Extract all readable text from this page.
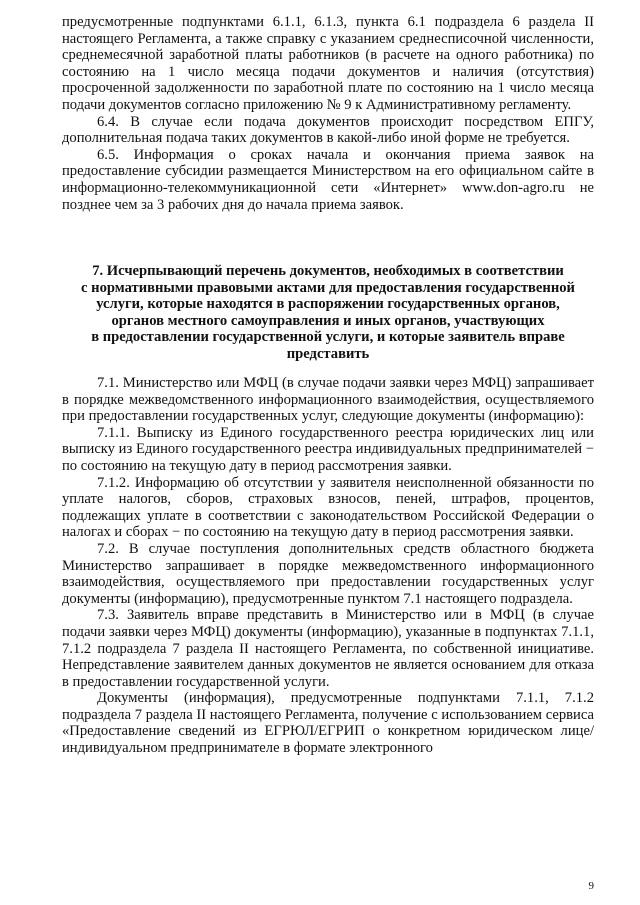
предусмотренные подпунктами 6.1.1, 6.1.3, пункта 6.1 подраздела 6 раздела II настоящего Регламента, а также справку с указанием среднесписочной численности, среднемесячной заработной платы работников (в расчете на одного работника) по состоянию на 1 число месяца подачи документов и наличия (отсутствия) просроченной задолженности по заработной плате по состоянию на 1 число месяца подачи документов согласно приложению № 9 к Административному регламенту.

6.4. В случае если подача документов происходит посредством ЕПГУ, дополнительная подача таких документов в какой-либо иной форме не требуется.

6.5. Информация о сроках начала и окончания приема заявок на предоставление субсидии размещается Министерством на его официальном сайте в информационно-телекоммуникационной сети «Интернет» www.don-agro.ru не позднее чем за 3 рабочих дня до начала приема заявок.

7. Исчерпывающий перечень документов, необходимых в соответствии
с нормативными правовыми актами для предоставления государственной
услуги, которые находятся в распоряжении государственных органов,
органов местного самоуправления и иных органов, участвующих
в предоставлении государственной услуги, и которые заявитель вправе
представить

7.1. Министерство или МФЦ (в случае подачи заявки через МФЦ) запрашивает в порядке межведомственного информационного взаимодействия, осуществляемого при предоставлении государственных услуг, следующие документы (информацию):

7.1.1. Выписку из Единого государственного реестра юридических лиц или выписку из Единого государственного реестра индивидуальных предпринимателей − по состоянию на текущую дату в период рассмотрения заявки.

7.1.2. Информацию об отсутствии у заявителя неисполненной обязанности по уплате налогов, сборов, страховых взносов, пеней, штрафов, процентов, подлежащих уплате в соответствии с законодательством Российской Федерации о налогах и сборах − по состоянию на текущую дату в период рассмотрения заявки.

7.2. В случае поступления дополнительных средств областного бюджета Министерство запрашивает в порядке межведомственного информационного взаимодействия, осуществляемого при предоставлении государственных услуг документы (информацию), предусмотренные пунктом 7.1 настоящего подраздела.

7.3. Заявитель вправе представить в Министерство или в МФЦ (в случае подачи заявки через МФЦ) документы (информацию), указанные в подпунктах 7.1.1, 7.1.2 подраздела 7 раздела II настоящего Регламента, по собственной инициативе. Непредставление заявителем данных документов не является основанием для отказа в предоставлении государственной услуги.

Документы (информация), предусмотренные подпунктами 7.1.1, 7.1.2 подраздела 7 раздела II настоящего Регламента, получение с использованием сервиса «Предоставление сведений из ЕГРЮЛ/ЕГРИП о конкретном юридическом лице/индивидуальном предпринимателе в формате электронного

9
